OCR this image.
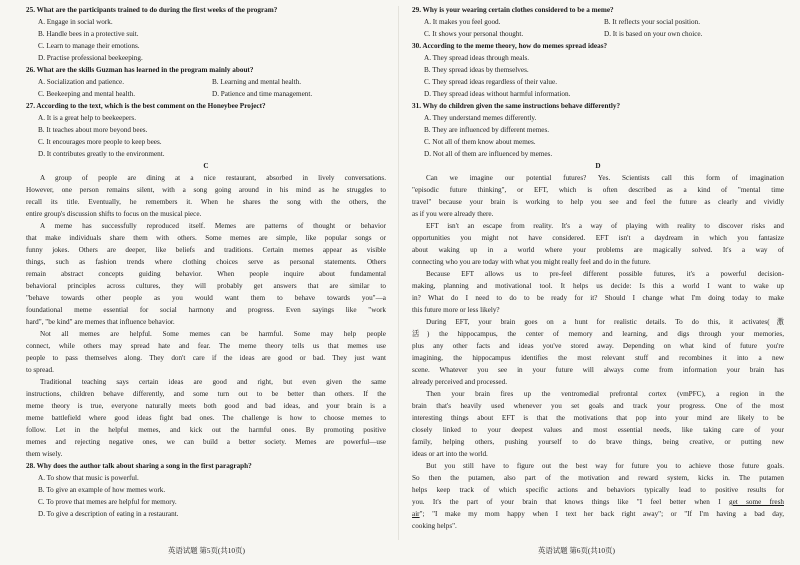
25. What are the participants trained to do during the first weeks of the program?
A. Engage in social work.
B. Handle bees in a protective suit.
C. Learn to manage their emotions.
D. Practise professional beekeeping.
26. What are the skills Guzman has learned in the program mainly about?
A. Socialization and patience.	B. Learning and mental health.
C. Beekeeping and mental health.	D. Patience and time management.
27. According to the text, which is the best comment on the Honeybee Project?
A. It is a great help to beekeepers.
B. It teaches about more beyond bees.
C. It encourages more people to keep bees.
D. It contributes greatly to the environment.
C
A group of people are dining at a nice restaurant, absorbed in lively conversations.
However, one person remains silent, with a song going around in his mind as he struggles to
recall its title. Eventually, he remembers it. When he shares the song with the others, the
entire group's discussion shifts to focus on the musical piece.
A meme has successfully reproduced itself. Memes are patterns of thought or behavior
that make individuals share them with others. Some memes are simple, like popular songs or
funny jokes. Others are deeper, like beliefs and traditions. Certain memes appear as visible
things, such as fashion trends where clothing choices serve as personal statements. Others
remain abstract concepts guiding behavior. When people inquire about fundamental
behavioral principles across cultures, they will probably get answers that are similar to
"behave towards other people as you would want them to behave towards you"—a
foundational meme essential for social harmony and progress. Even sayings like "work
hard", "be kind" are memes that influence behavior.
Not all memes are helpful. Some memes can be harmful. Some may help people
connect, while others may spread hate and fear. The meme theory tells us that memes use
people to pass themselves along. They don't care if the ideas are good or bad. They just want
to spread.
Traditional teaching says certain ideas are good and right, but even given the same
instructions, children behave differently, and some turn out to be better than others. If the
meme theory is true, everyone naturally meets both good and bad ideas, and your brain is a
meme battlefield where good ideas fight bad ones. The challenge is how to choose memes to
follow. Let in the helpful memes, and kick out the harmful ones. By promoting positive
memes and rejecting negative ones, we can build a better society. Memes are powerful—use
them wisely.
28. Why does the author talk about sharing a song in the first paragraph?
A. To show that music is powerful.
B. To give an example of how memes work.
C. To prove that memes are helpful for memory.
D. To give a description of eating in a restaurant.
29. Why is your wearing certain clothes considered to be a meme?
A. It makes you feel good.	B. It reflects your social position.
C. It shows your personal thought.	D. It is based on your own choice.
30. According to the meme theory, how do memes spread ideas?
A. They spread ideas through meals.
B. They spread ideas by themselves.
C. They spread ideas regardless of their value.
D. They spread ideas without harmful information.
31. Why do children given the same instructions behave differently?
A. They understand memes differently.
B. They are influenced by different memes.
C. Not all of them know about memes.
D. Not all of them are influenced by memes.
D
Can we imagine our potential futures? Yes. Scientists call this form of imagination
"episodic future thinking", or EFT, which is often described as a kind of "mental time
travel" because your brain is working to help you see and feel the future as clearly and vividly
as if you were already there.
EFT isn't an escape from reality. It's a way of playing with reality to discover risks and
opportunities you might not have considered. EFT isn't a daydream in which you fantasize
about waking up in a world where your problems are magically solved. It's a way of
connecting who you are today with what you might really feel and do in the future.
Because EFT allows us to pre-feel different possible futures, it's a powerful decision-
making, planning and motivational tool. It helps us decide: Is this a world I want to wake up
in? What do I need to do to be ready for it? Should I change what I'm doing today to make
this future more or less likely?
During EFT, your brain goes on a hunt for realistic details. To do this, it activates(激
活) the hippocampus, the center of memory and learning, and digs through your memories,
plus any other facts and ideas you've stored away. Depending on what kind of future you're
imagining, the hippocampus identifies the most relevant stuff and recombines it into a new
scene. Whatever you see in your future will always come from information your brain has
already perceived and processed.
Then your brain fires up the ventromedial prefrontal cortex (vmPFC), a region in the
brain that's heavily used whenever you set goals and track your progress. One of the most
interesting things about EFT is that the motivations that pop into your mind are likely to be
closely linked to your deepest values and most essential needs, like taking care of your
family, helping others, pushing yourself to do brave things, being creative, or putting new
ideas or art into the world.
But you still have to figure out the best way for future you to achieve those future goals.
So then the putamen, also part of the motivation and reward system, kicks in. The putamen
helps keep track of which specific actions and behaviors typically lead to positive results for
you. It's the part of your brain that knows things like "I feel better when I get some fresh
air"; "I make my mom happy when I text her back right away"; or "If I'm having a bad day,
cooking helps".
英语试题 第5页(共10页)	英语试题 第6页(共10页)
